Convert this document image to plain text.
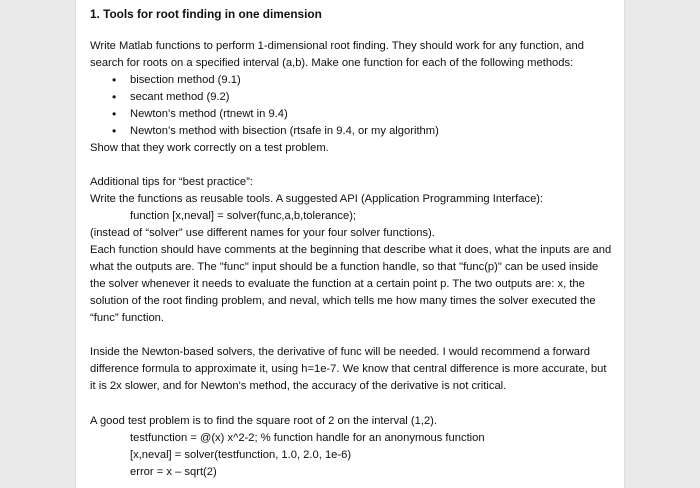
1. Tools for root finding in one dimension

Write Matlab functions to perform 1-dimensional root finding. They should work for any function, and search for roots on a specified interval (a,b). Make one function for each of the following methods:

• bisection method (9.1)
• secant method (9.2)
• Newton’s method (rtnewt in 9.4)
• Newton’s method with bisection (rtsafe in 9.4, or my algorithm)

Show that they work correctly on a test problem.

Additional tips for “best practice”:

Write the functions as reusable tools. A suggested API (Application Programming Interface):

function [x,neval] = solver(func,a,b,tolerance);

(instead of “solver” use different names for your four solver functions).

Each function should have comments at the beginning that describe what it does, what the inputs are and what the outputs are. The "func" input should be a function handle, so that "func(p)" can be used inside the solver whenever it needs to evaluate the function at a certain point p. The two outputs are: x, the solution of the root finding problem, and neval, which tells me how many times the solver executed the “func” function.

Inside the Newton-based solvers, the derivative of func will be needed. I would recommend a forward difference formula to approximate it, using h=1e-7. We know that central difference is more accurate, but it is 2x slower, and for Newton's method, the accuracy of the derivative is not critical.

A good test problem is to find the square root of 2 on the interval (1,2).

testfunction = @(x) x^2-2; % function handle for an anonymous function
[x,neval] = solver(testfunction, 1.0, 2.0, 1e-6)
error = x – sqrt(2)
